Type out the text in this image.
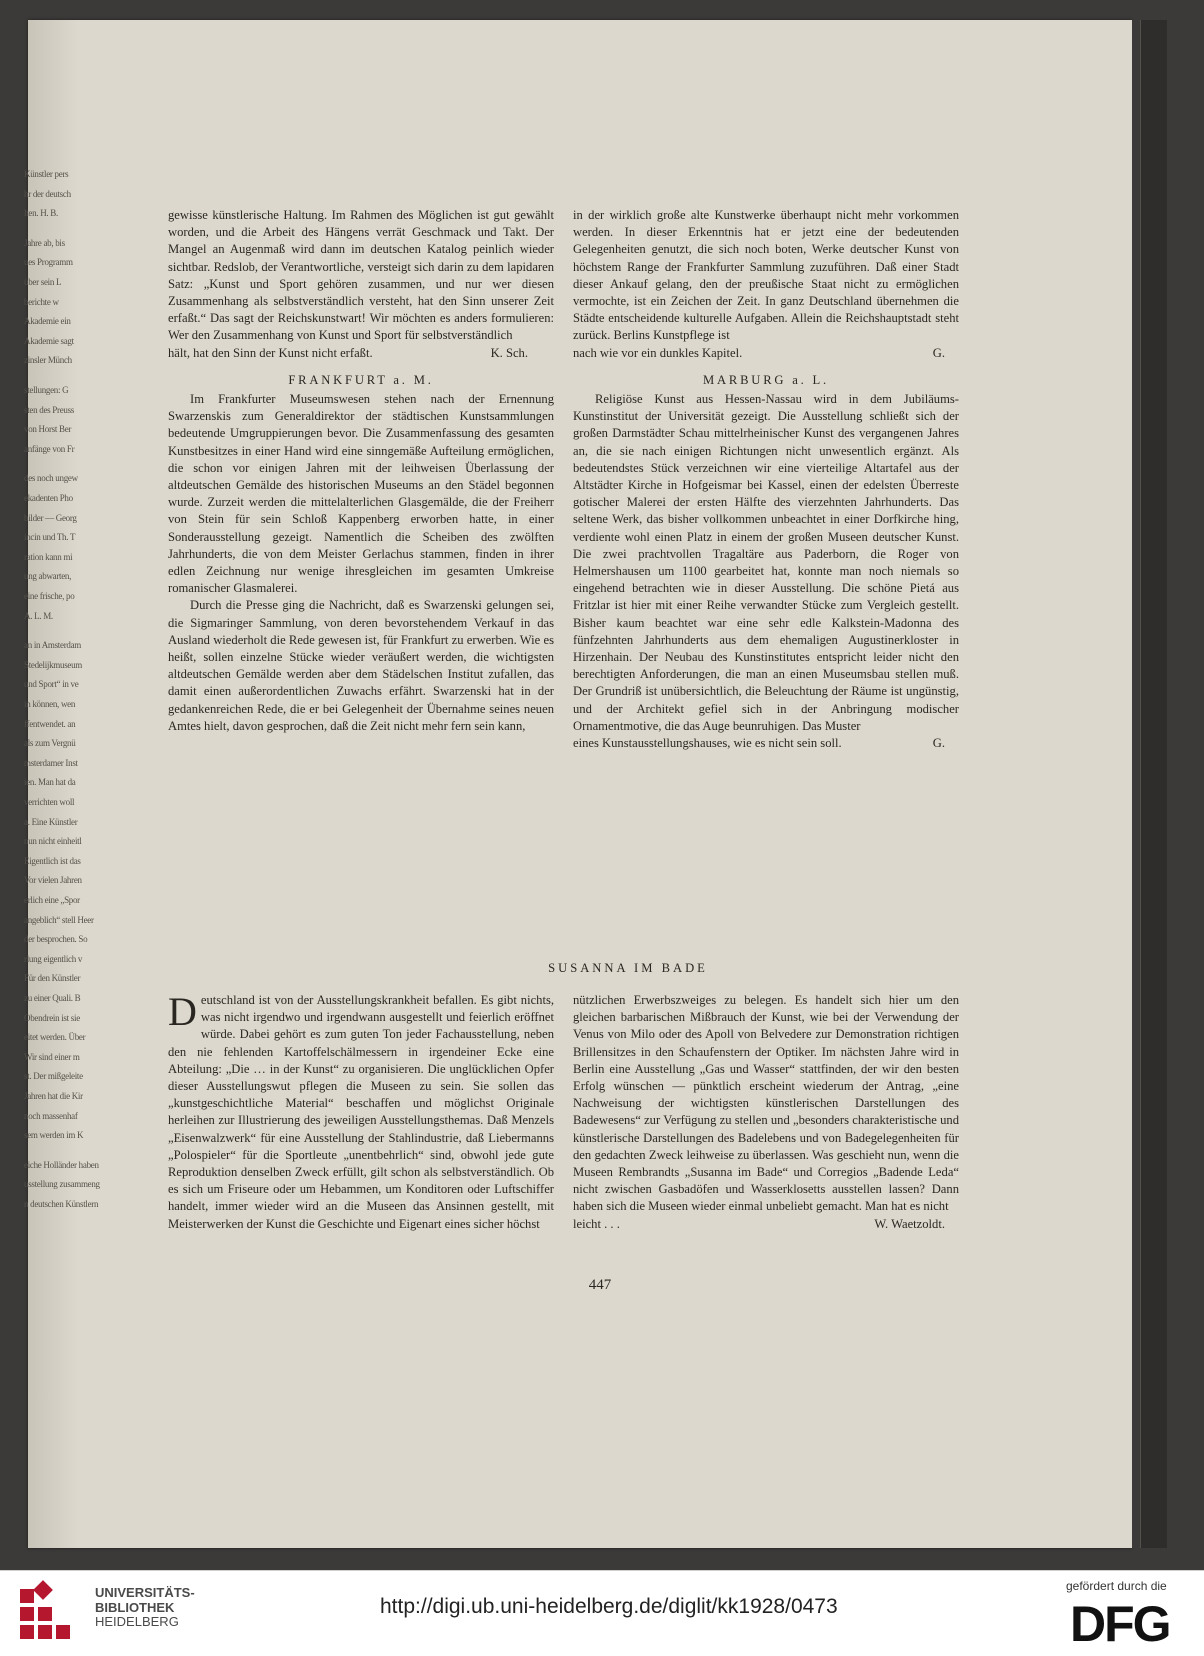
Künstler pers
hr der deutsch
lten. H. B.
Jahre ab, bis
ues Programm
über sein L
berichte w
Akademie ein
Akademie sagt
zinsler Münch
stellungen: G
sten des Preuss
von Horst Ber
anfänge von Fr
des noch ungew
ekadenten Pho
bilder — Georg
incin und Th. T
ration kann mi
ung abwarten,
eine frische, po
A. L. M.
an in Amsterdam
Stedelijkmuseum
und Sport“ in ve
in können, wen
ffentwendet. an
als zum Vergnü
msterdamer Inst
ien. Man hat da
verrichten woll
a. Eine Künstler
nun nicht einheitl
Eigentlich ist das
Vor vielen Jahren
erlich eine „Spor
angeblich“ stell Heer
der besprochen. So
rlung eigentlich v
Für den Künstler
zu einer Quali. B
Obendrein ist sie
eitet werden. Über
Wir sind einer m
st. Der mißgeleite
Jahren hat die Kir
noch massenhaf
sem werden im K
eiche Holländer haben
usstellung zusammeng
n deutschen Künstlern

gewisse künstlerische Haltung. Im Rahmen des Möglichen ist gut gewählt worden, und die Arbeit des Hängens verrät Geschmack und Takt. Der Mangel an Augenmaß wird dann im deutschen Katalog peinlich wieder sichtbar. Redslob, der Verantwortliche, versteigt sich darin zu dem lapidaren Satz: „Kunst und Sport gehören zusammen, und nur wer diesen Zusammenhang als selbstverständlich versteht, hat den Sinn unserer Zeit erfaßt.“ Das sagt der Reichskunstwart! Wir möchten es anders formulieren: Wer den Zusammenhang von Kunst und Sport für selbstverständlich

hält, hat den Sinn der Kunst nicht erfaßt.	K. Sch.
FRANKFURT a. M.

Im Frankfurter Museumswesen stehen nach der Ernennung Swarzenskis zum Generaldirektor der städtischen Kunstsammlungen bedeutende Umgruppierungen bevor. Die Zusammenfassung des gesamten Kunstbesitzes in einer Hand wird eine sinngemäße Aufteilung ermöglichen, die schon vor einigen Jahren mit der leihweisen Überlassung der altdeutschen Gemälde des historischen Museums an den Städel begonnen wurde. Zurzeit werden die mittelalterlichen Glasgemälde, die der Freiherr von Stein für sein Schloß Kappenberg erworben hatte, in einer Sonderausstellung gezeigt. Namentlich die Scheiben des zwölften Jahrhunderts, die von dem Meister Gerlachus stammen, finden in ihrer edlen Zeichnung nur wenige ihresgleichen im gesamten Umkreise romanischer Glasmalerei.

Durch die Presse ging die Nachricht, daß es Swarzenski gelungen sei, die Sigmaringer Sammlung, von deren bevorstehendem Verkauf in das Ausland wiederholt die Rede gewesen ist, für Frankfurt zu erwerben. Wie es heißt, sollen einzelne Stücke wieder veräußert werden, die wichtigsten altdeutschen Gemälde werden aber dem Städelschen Institut zufallen, das damit einen außerordentlichen Zuwachs erfährt. Swarzenski hat in der gedankenreichen Rede, die er bei Gelegenheit der Übernahme seines neuen Amtes hielt, davon gesprochen, daß die Zeit nicht mehr fern sein kann,

in der wirklich große alte Kunstwerke überhaupt nicht mehr vorkommen werden. In dieser Erkenntnis hat er jetzt eine der bedeutenden Gelegenheiten genutzt, die sich noch boten, Werke deutscher Kunst von höchstem Range der Frankfurter Sammlung zuzuführen. Daß einer Stadt dieser Ankauf gelang, den der preußische Staat nicht zu ermöglichen vermochte, ist ein Zeichen der Zeit. In ganz Deutschland übernehmen die Städte entscheidende kulturelle Aufgaben. Allein die Reichshauptstadt steht zurück. Berlins Kunstpflege ist

nach wie vor ein dunkles Kapitel.	G.
MARBURG a. L.

Religiöse Kunst aus Hessen-Nassau wird in dem Jubiläums-Kunstinstitut der Universität gezeigt. Die Ausstellung schließt sich der großen Darmstädter Schau mittelrheinischer Kunst des vergangenen Jahres an, die sie nach einigen Richtungen nicht unwesentlich ergänzt. Als bedeutendstes Stück verzeichnen wir eine vierteilige Altartafel aus der Altstädter Kirche in Hofgeismar bei Kassel, einen der edelsten Überreste gotischer Malerei der ersten Hälfte des vierzehnten Jahrhunderts. Das seltene Werk, das bisher vollkommen unbeachtet in einer Dorfkirche hing, verdiente wohl einen Platz in einem der großen Museen deutscher Kunst. Die zwei prachtvollen Tragaltäre aus Paderborn, die Roger von Helmershausen um 1100 gearbeitet hat, konnte man noch niemals so eingehend betrachten wie in dieser Ausstellung. Die schöne Pietá aus Fritzlar ist hier mit einer Reihe verwandter Stücke zum Vergleich gestellt. Bisher kaum beachtet war eine sehr edle Kalkstein-Madonna des fünfzehnten Jahrhunderts aus dem ehemaligen Augustinerkloster in Hirzenhain. Der Neubau des Kunstinstitutes entspricht leider nicht den berechtigten Anforderungen, die man an einen Museumsbau stellen muß. Der Grundriß ist unübersichtlich, die Beleuchtung der Räume ist ungünstig, und der Architekt gefiel sich in der Anbringung modischer Ornamentmotive, die das Auge beunruhigen. Das Muster

eines Kunstausstellungshauses, wie es nicht sein soll.	G.
SUSANNA IM BADE

Deutschland ist von der Ausstellungskrankheit befallen. Es gibt nichts, was nicht irgendwo und irgendwann ausgestellt und feierlich eröffnet würde. Dabei gehört es zum guten Ton jeder Fachausstellung, neben den nie fehlenden Kartoffelschälmessern in irgendeiner Ecke eine Abteilung: „Die … in der Kunst“ zu organisieren. Die unglücklichen Opfer dieser Ausstellungswut pflegen die Museen zu sein. Sie sollen das „kunstgeschichtliche Material“ beschaffen und möglichst Originale herleihen zur Illustrierung des jeweiligen Ausstellungsthemas. Daß Menzels „Eisenwalzwerk“ für eine Ausstellung der Stahlindustrie, daß Liebermanns „Polospieler“ für die Sportleute „unentbehrlich“ sind, obwohl jede gute Reproduktion denselben Zweck erfüllt, gilt schon als selbstverständlich. Ob es sich um Friseure oder um Hebammen, um Konditoren oder Luftschiffer handelt, immer wieder wird an die Museen das Ansinnen gestellt, mit Meisterwerken der Kunst die Geschichte und Eigenart eines sicher höchst

nützlichen Erwerbszweiges zu belegen. Es handelt sich hier um den gleichen barbarischen Mißbrauch der Kunst, wie bei der Verwendung der Venus von Milo oder des Apoll von Belvedere zur Demonstration richtigen Brillensitzes in den Schaufenstern der Optiker. Im nächsten Jahre wird in Berlin eine Ausstellung „Gas und Wasser“ stattfinden, der wir den besten Erfolg wünschen — pünktlich erscheint wiederum der Antrag, „eine Nachweisung der wichtigsten künstlerischen Darstellungen des Badewesens“ zur Verfügung zu stellen und „besonders charakteristische und künstlerische Darstellungen des Badelebens und von Badegelegenheiten für den gedachten Zweck leihweise zu überlassen. Was geschieht nun, wenn die Museen Rembrandts „Susanna im Bade“ und Corregios „Badende Leda“ nicht zwischen Gasbadöfen und Wasserklosetts ausstellen lassen? Dann haben sich die Museen wieder einmal unbeliebt gemacht. Man hat es nicht

leicht . . .	W. Waetzoldt.
447
UNIVERSITÄTS-
BIBLIOTHEK
HEIDELBERG
http://digi.ub.uni-heidelberg.de/diglit/kk1928/0473
gefördert durch die
DFG
